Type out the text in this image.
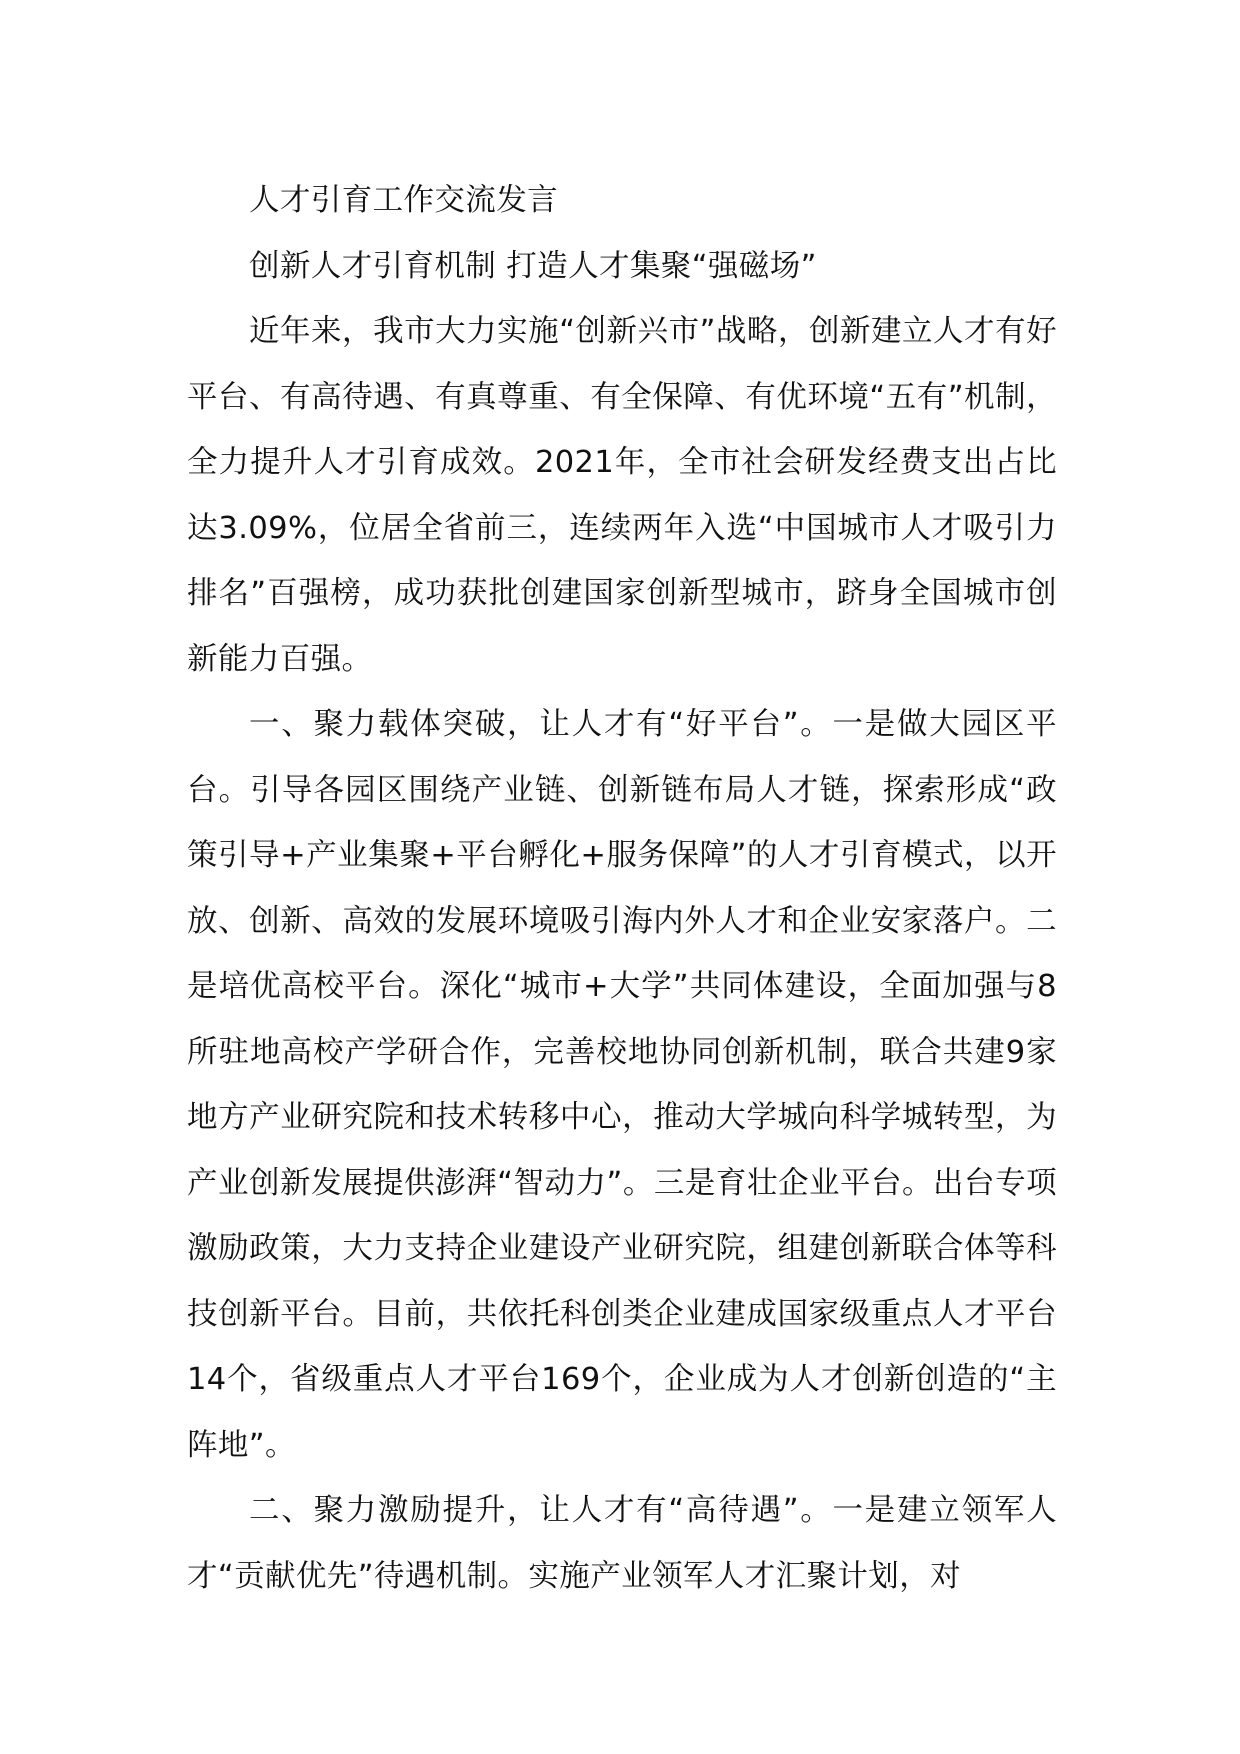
人才引育工作交流发言

创新人才引育机制 打造人才集聚“强磁场”

近年来，我市大力实施“创新兴市”战略，创新建立人才有好平台、有高待遇、有真尊重、有全保障、有优环境“五有”机制，全力提升人才引育成效。2021年，全市社会研发经费支出占比达3.09%，位居全省前三，连续两年入选“中国城市人才吸引力排名”百强榜，成功获批创建国家创新型城市，跻身全国城市创新能力百强。

一、聚力载体突破，让人才有“好平台”。一是做大园区平台。引导各园区围绕产业链、创新链布局人才链，探索形成“政策引导+产业集聚+平台孵化+服务保障”的人才引育模式，以开放、创新、高效的发展环境吸引海内外人才和企业安家落户。二是培优高校平台。深化“城市+大学”共同体建设，全面加强与8所驻地高校产学研合作，完善校地协同创新机制，联合共建9家地方产业研究院和技术转移中心，推动大学城向科学城转型，为产业创新发展提供澎湃“智动力”。三是育壮企业平台。出台专项激励政策，大力支持企业建设产业研究院，组建创新联合体等科技创新平台。目前，共依托科创类企业建成国家级重点人才平台14个，省级重点人才平台169个，企业成为人才创新创造的“主阵地”。

二、聚力激励提升，让人才有“高待遇”。一是建立领军人才“贡献优先”待遇机制。实施产业领军人才汇聚计划，对
